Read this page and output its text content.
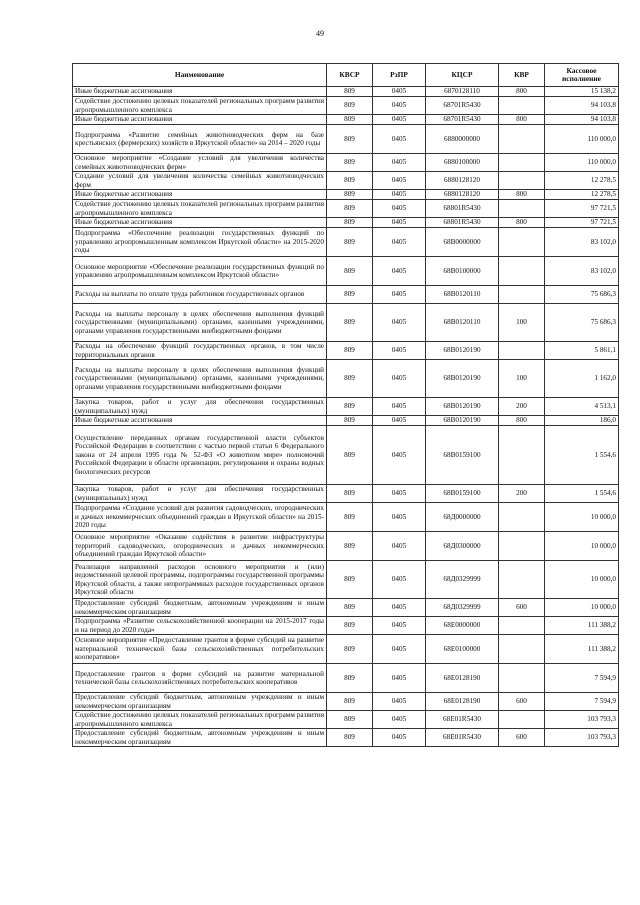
49
Наименование	КВСР	РзПР	КЦСР	КВР	Кассовое исполнение
Иные бюджетные ассигнования	809	0405	6870128110	800	15 138,2
Содействие достижению целевых показателей региональных программ развития агропромышленного комплекса	809	0405	68701R5430		94 103,8
Иные бюджетные ассигнования	809	0405	68701R5430	800	94 103,8
Подпрограмма «Развитие семейных животноводческих ферм на базе крестьянских (фермерских) хозяйств в Иркутской области» на 2014 – 2020 годы	809	0405	6880000000		110 000,0
Основное мероприятие «Создание условий для увеличения количества семейных животноводческих ферм»	809	0405	6880100000		110 000,0
Создание условий для увеличения количества семейных животноводческих ферм	809	0405	6880128120		12 278,5
Иные бюджетные ассигнования	809	0405	6880128120	800	12 278,5
Содействие достижению целевых показателей региональных программ развития агропромышленного комплекса	809	0405	68801R5430		97 721,5
Иные бюджетные ассигнования	809	0405	68801R5430	800	97 721,5
Подпрограмма «Обеспечение реализации государственных функций по управлению агропромышленным комплексом Иркутской области» на 2015-2020 годы	809	0405	68В0000000		83 102,0
Основное мероприятие «Обеспечение реализации государственных функций по управлению агропромышленным комплексом Иркутской области»	809	0405	68В0100000		83 102,0
Расходы на выплаты по оплате труда работников государственных органов	809	0405	68В0120110		75 686,3
Расходы на выплаты персоналу в целях обеспечения выполнения функций государственными (муниципальными) органами, казенными учреждениями, органами управления государственными внебюджетными фондами	809	0405	68В0120110	100	75 686,3
Расходы на обеспечение функций государственных органов, в том числе территориальных органов	809	0405	68В0120190		5 861,1
Расходы на выплаты персоналу в целях обеспечения выполнения функций государственными (муниципальными) органами, казенными учреждениями, органами управления государственными внебюджетными фондами	809	0405	68В0120190	100	1 162,0
Закупка товаров, работ и услуг для обеспечения государственных (муниципальных) нужд	809	0405	68В0120190	200	4 513,1
Иные бюджетные ассигнования	809	0405	68В0120190	800	186,0
Осуществление переданных органам государственной власти субъектов Российской Федерации в соответствии с частью первой статьи 6 Федерального закона от 24 апреля 1995 года № 52-ФЗ «О животном мире» полномочий Российской Федерации в области организации, регулирования и охраны водных биологических ресурсов	809	0405	68В0159100		1 554,6
Закупка товаров, работ и услуг для обеспечения государственных (муниципальных) нужд	809	0405	68В0159100	200	1 554,6
Подпрограмма «Создание условий для развития садоводческих, огороднических и дачных некоммерческих объединений граждан в Иркутской области» на 2015-2020 годы	809	0405	68Д0000000		10 000,0
Основное мероприятие «Оказание содействия в развитии инфраструктуры территорий садоводческих, огороднических и дачных некоммерческих объединений граждан Иркутской области»	809	0405	68Д0300000		10 000,0
Реализация направлений расходов основного мероприятия и (или) ведомственной целевой программы, подпрограммы государственной программы Иркутской области, а также непрограммных расходов государственных органов Иркутской области	809	0405	68Д0329999		10 000,0
Предоставление субсидий бюджетным, автономным учреждениям и иным некоммерческим организациям	809	0405	68Д0329999	600	10 000,0
Подпрограмма «Развитие сельскохозяйственной кооперации на 2015-2017 годы и на период до 2020 года»	809	0405	68Е0000000		111 388,2
Основное мероприятие «Предоставление грантов в форме субсидий на развитие материальной технической базы сельскохозяйственных потребительских кооперативов»	809	0405	68Е0100000		111 388,2
Предоставление грантов в форме субсидий на развитие материальной технической базы сельскохозяйственных потребительских кооперативов	809	0405	68Е0128190		7 594,9
Предоставление субсидий бюджетным, автономным учреждениям и иным некоммерческим организациям	809	0405	68Е0128190	600	7 594,9
Содействие достижению целевых показателей региональных программ развития агропромышленного комплекса	809	0405	68Е01R5430		103 793,3
Предоставление субсидий бюджетным, автономным учреждениям и иным некоммерческим организациям	809	0405	68Е01R5430	600	103 793,3
